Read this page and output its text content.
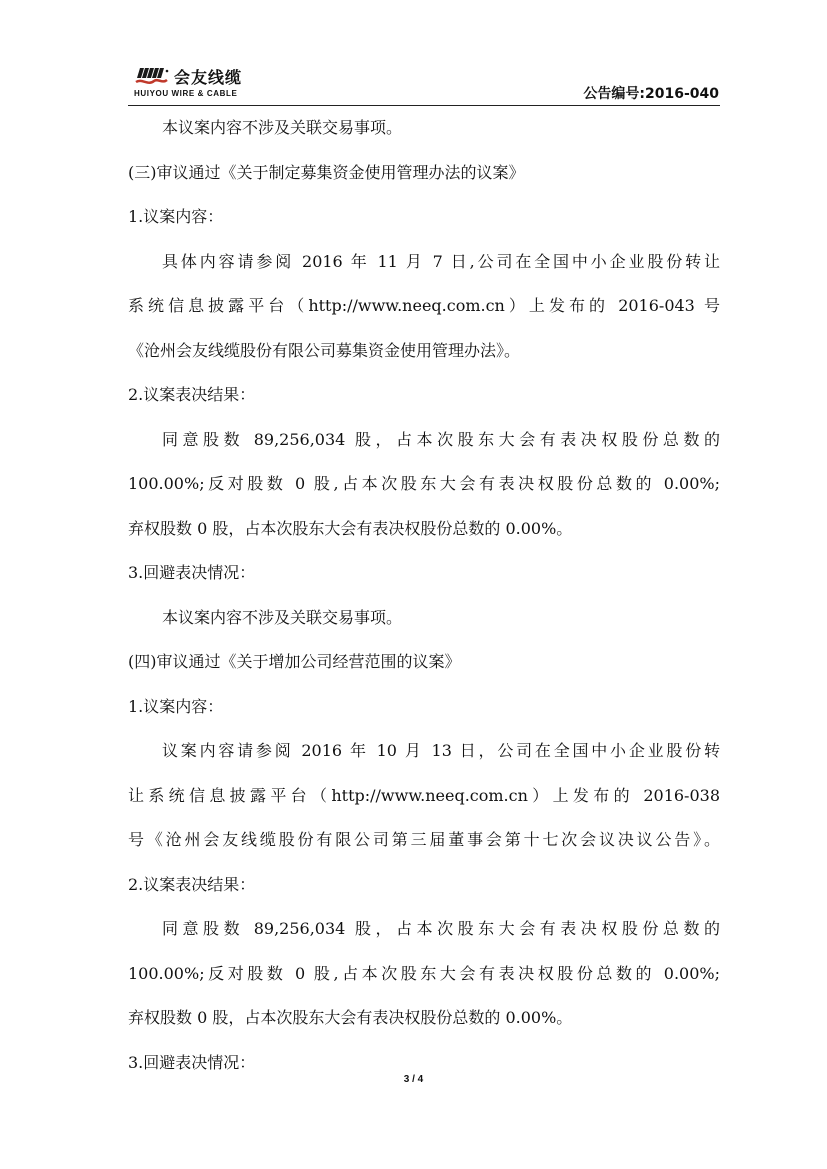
会友线缆
HUIYOU WIRE & CABLE	公告编号:2016-040
本议案内容不涉及关联交易事项。
(三)审议通过《关于制定募集资金使用管理办法的议案》
1.议案内容：
具体内容请参阅 2016 年 11 月 7 日,公司在全国中小企业股份转让
系统信息披露平台（http://www.neeq.com.cn）上发布的 2016-043 号
《沧州会友线缆股份有限公司募集资金使用管理办法》。
2.议案表决结果：
同意股数 89,256,034 股，占本次股东大会有表决权股份总数的
100.00%;反对股数 0 股,占本次股东大会有表决权股份总数的 0.00%;
弃权股数 0 股，占本次股东大会有表决权股份总数的 0.00%。
3.回避表决情况：
本议案内容不涉及关联交易事项。
(四)审议通过《关于增加公司经营范围的议案》
1.议案内容：
议案内容请参阅 2016 年 10 月 13 日，公司在全国中小企业股份转
让系统信息披露平台（http://www.neeq.com.cn）上发布的 2016-038
号《沧州会友线缆股份有限公司第三届董事会第十七次会议决议公告》。
2.议案表决结果：
同意股数 89,256,034 股，占本次股东大会有表决权股份总数的
100.00%;反对股数 0 股,占本次股东大会有表决权股份总数的 0.00%;
弃权股数 0 股，占本次股东大会有表决权股份总数的 0.00%。
3.回避表决情况：
3 / 4
